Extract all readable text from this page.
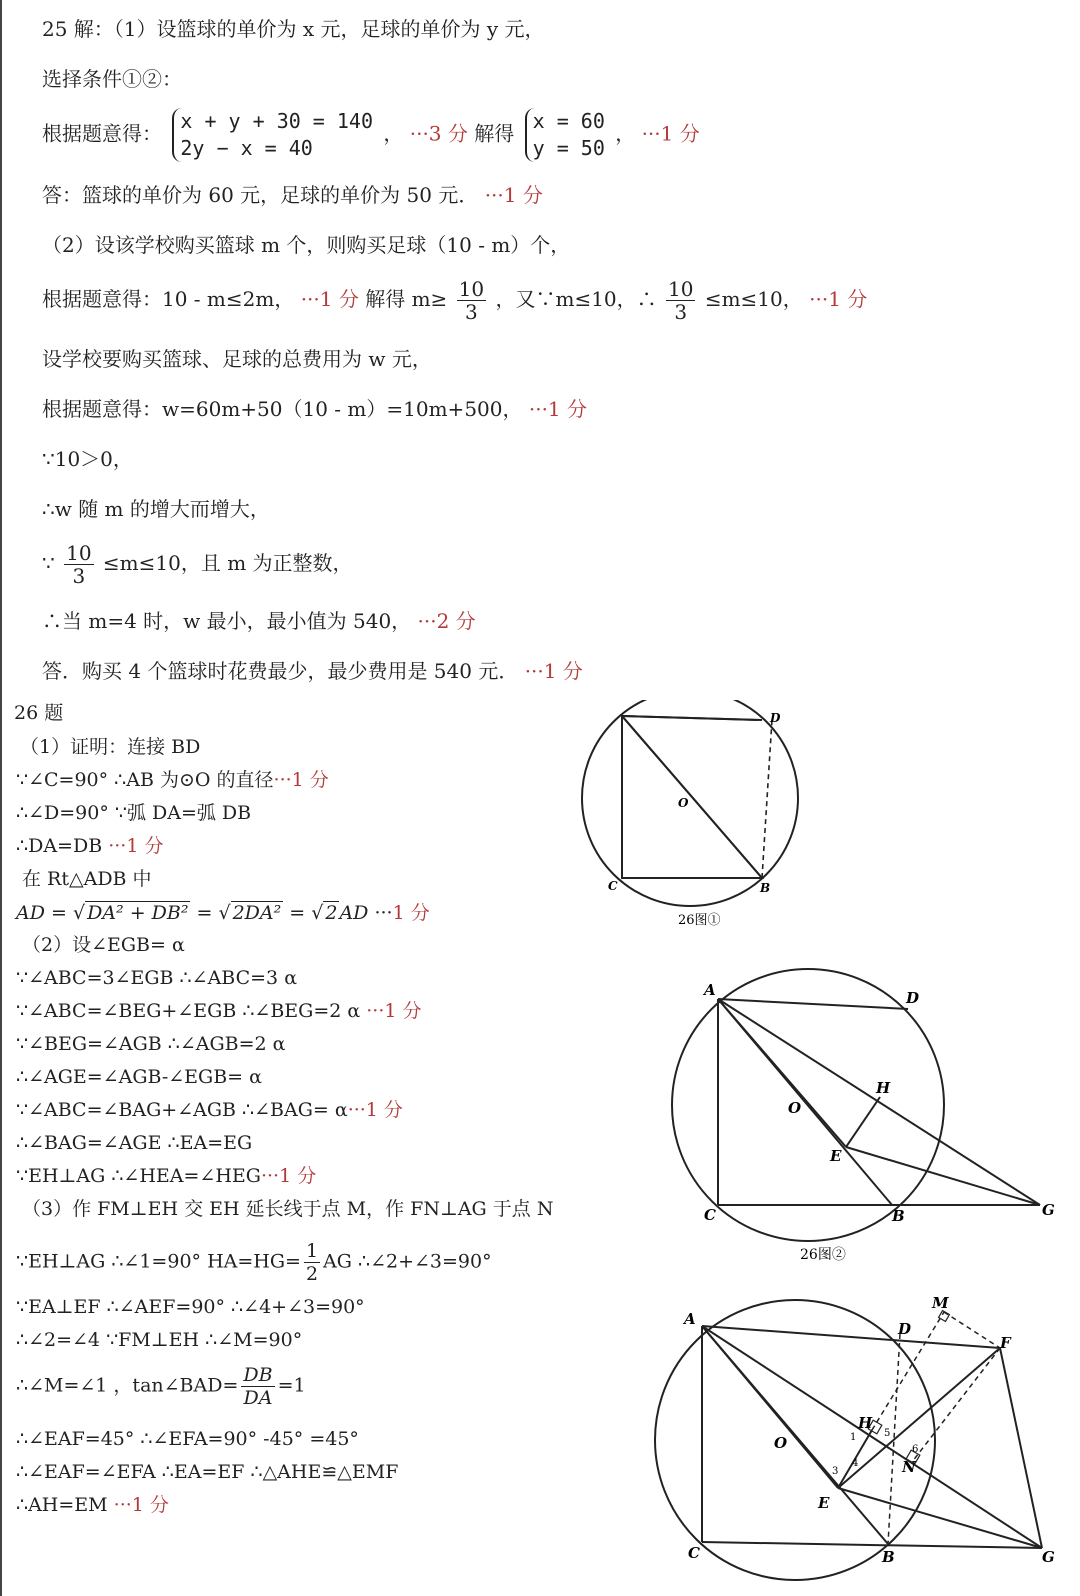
25 解：（1）设篮球的单价为 x 元，足球的单价为 y 元，
选择条件①②：
根据题意得： x + y + 30 = 140
2y − x = 40 ， ···3 分 解得 x = 60
y = 50 ， ···1 分
答：篮球的单价为 60 元，足球的单价为 50 元． ···1 分
（2）设该学校购买篮球 m 个，则购买足球（10 - m）个，
根据题意得：10 - m≤2m， ···1 分 解得 $m\ge \frac{10}{3}$ ，又∵m≤10，∴ $\frac{10}{3} \le m\le 10$， ···1 分
设学校要购买篮球、足球的总费用为 w 元，
根据题意得：w=60m+50（10 - m）=10m+500， ···1 分
∵10＞0，
∴w 随 m 的增大而增大，
∵ $\frac{10}{3} \le m\le 10$，且 m 为正整数，
∴当 m=4 时，w 最小，最小值为 540， ···2 分
答．购买 4 个篮球时花费最少，最少费用是 540 元． ···1 分
26 题
（1）证明：连接 BD
∵∠C=90° ∴AB 为⊙O 的直径···1 分
∴∠D=90° ∵弧 DA=弧 DB
∴DA=DB ···1 分
在 Rt△ADB 中
AD = √ DA² + DB² = √ 2DA² = √ 2 AD ···1 分
（2）设∠EGB= α
∵∠ABC=3∠EGB ∴∠ABC=3 α
∵∠ABC=∠BEG+∠EGB ∴∠BEG=2 α ···1 分
∵∠BEG=∠AGB ∴∠AGB=2 α
∴∠AGE=∠AGB-∠EGB= α
∵∠ABC=∠BAG+∠AGB ∴∠BAG= α···1 分
∴∠BAG=∠AGE ∴EA=EG
∵EH⊥AG ∴∠HEA=∠HEG···1 分
（3）作 FM⊥EH 交 EH 延长线于点 M，作 FN⊥AG 于点 N
∵EH⊥AG ∴∠1=90° $HA=HG= \frac{1}{2}$ AG ∴∠2+∠3=90°
∵EA⊥EF ∴∠AEF=90° ∴∠4+∠3=90°
∴∠2=∠4 ∵FM⊥EH ∴∠M=90°
∴∠M=∠1 ，tan∠BAD= $\frac{DB}{DA} =1$
∴∠EAF=45° ∴∠EFA=90° -45° =45°
∴∠EAF=∠EFA ∴EA=EF ∴△AHE≌△EMF
∴AH=EM ···1 分
O
D
C	B
26图①
A	D
H
O
E
C	B	G
26图②
M
A
D
F
O
H
1	5
6
N
3
4
E
G
C	B
